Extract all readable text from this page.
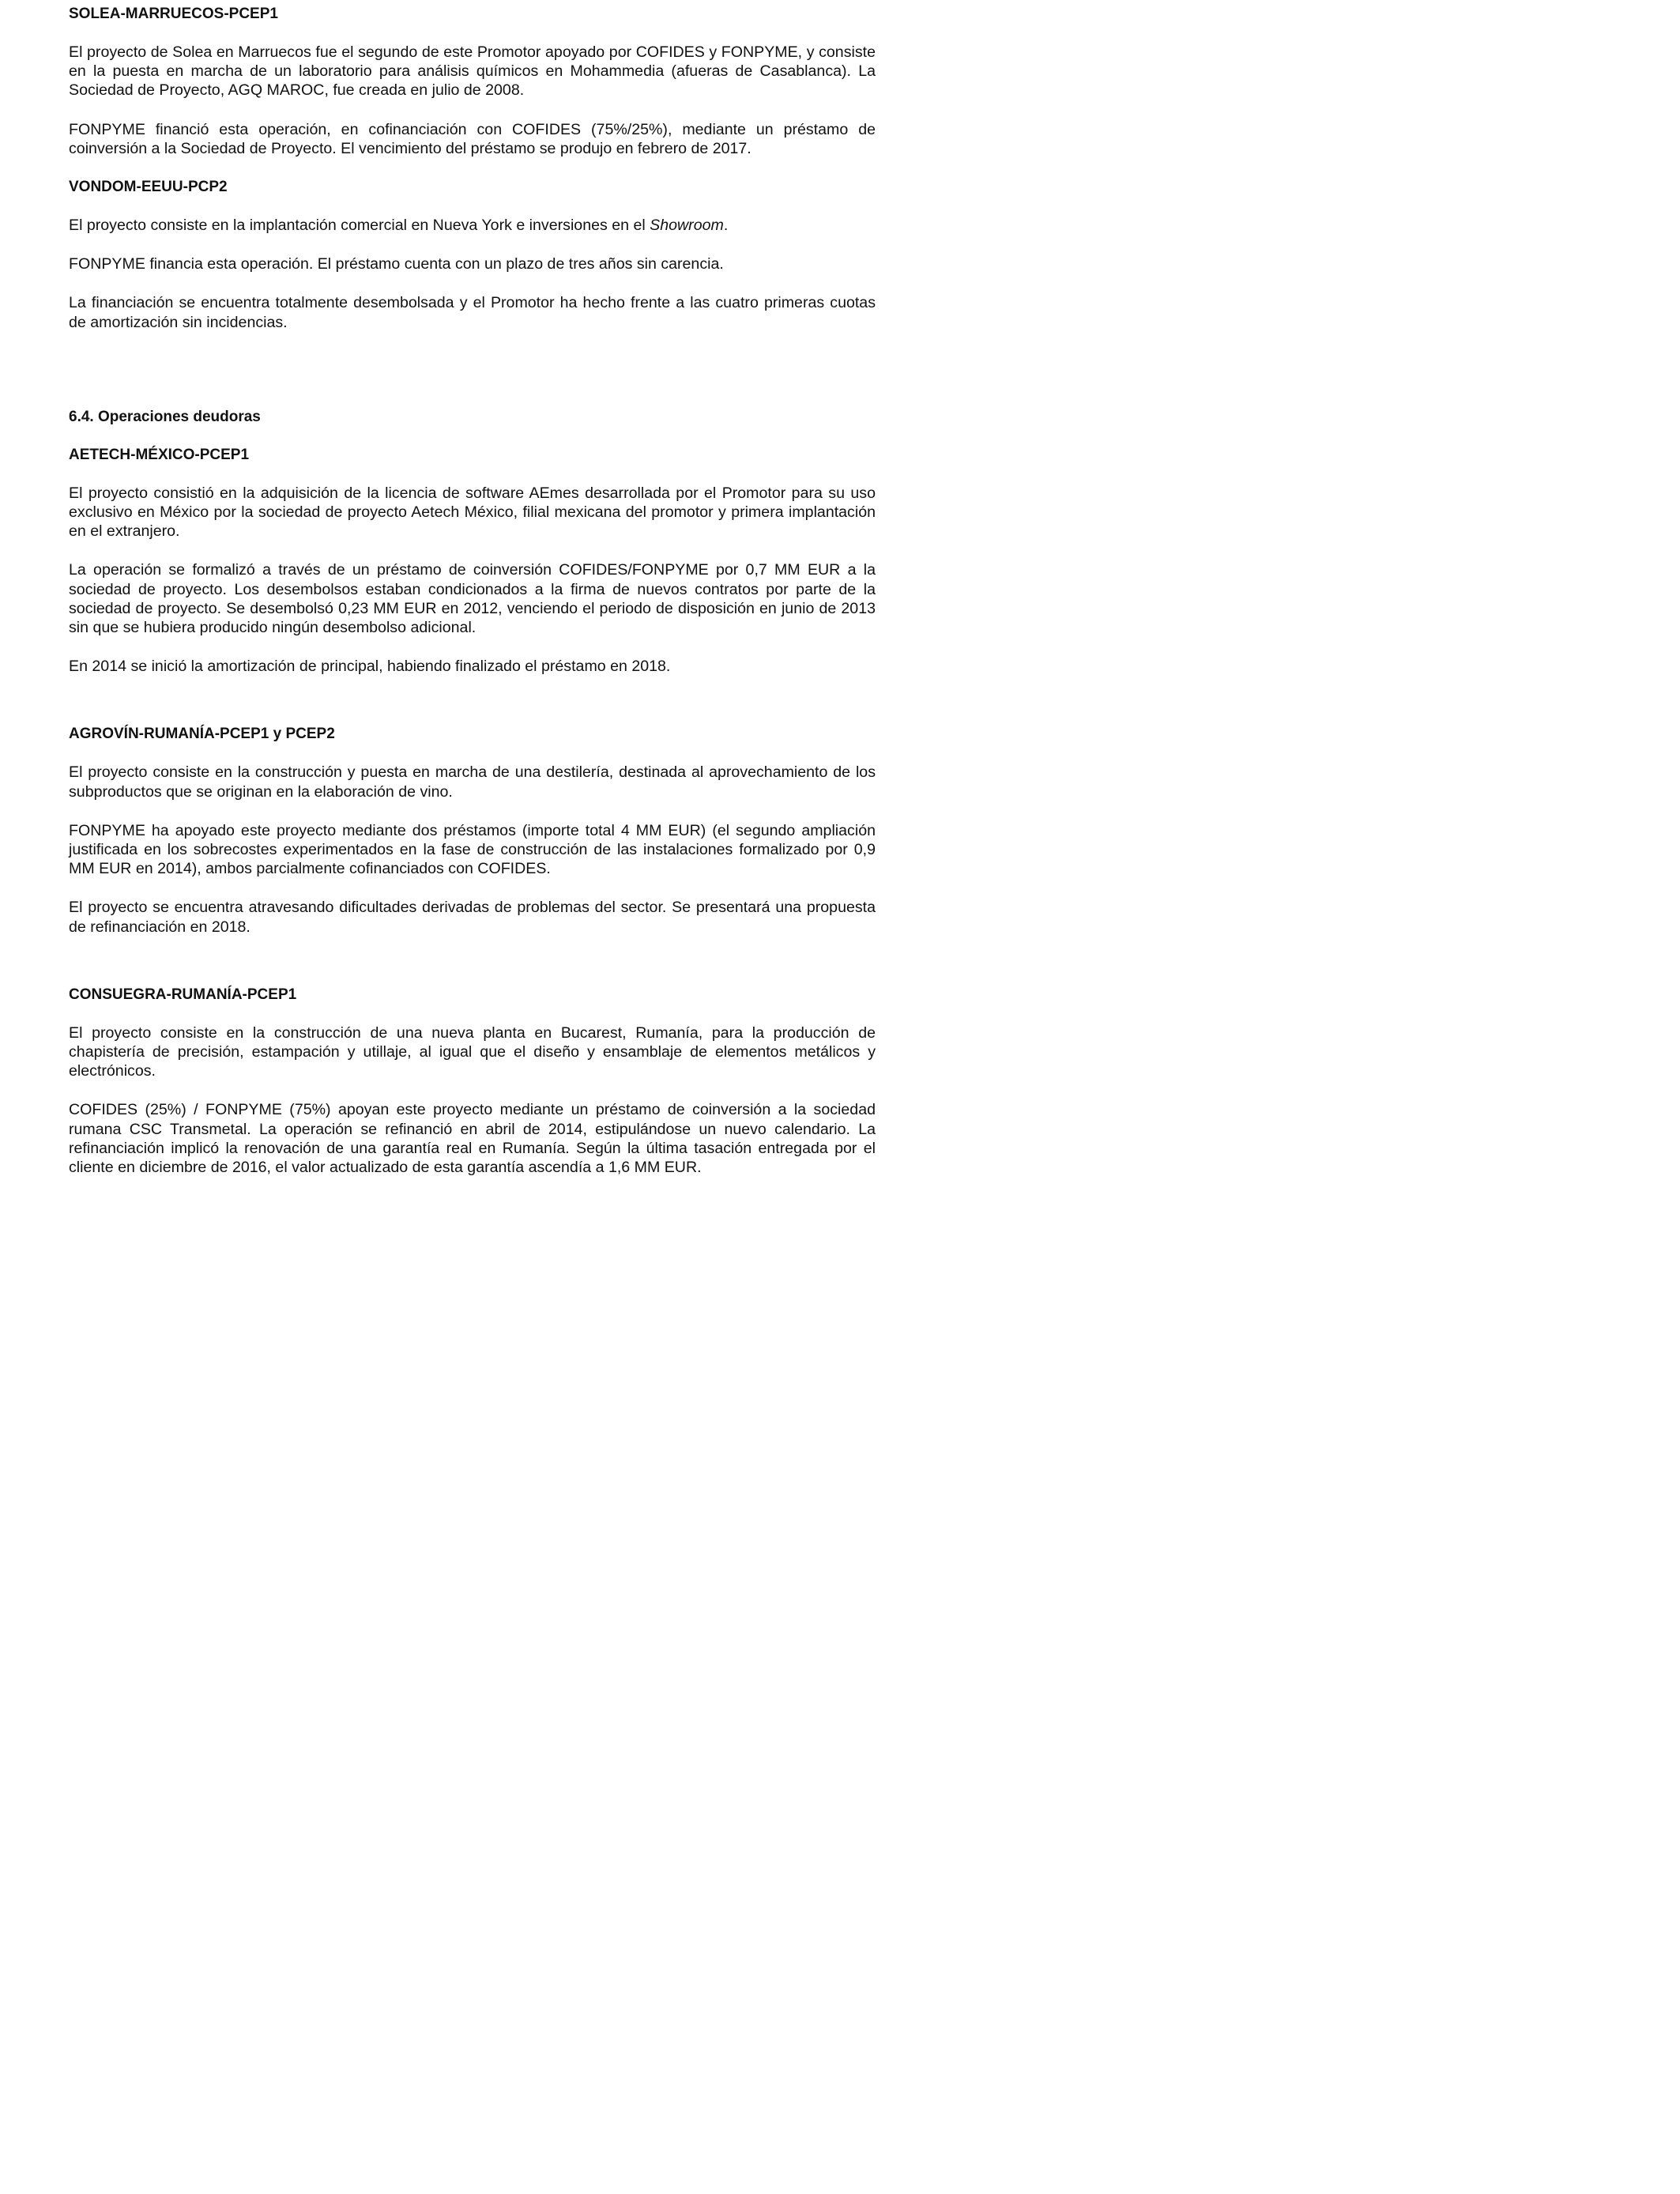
SOLEA-MARRUECOS-PCEP1

El proyecto de Solea en Marruecos fue el segundo de este Promotor apoyado por COFIDES y FONPYME, y consiste en la puesta en marcha de un laboratorio para análisis químicos en Mohammedia (afueras de Casablanca). La Sociedad de Proyecto, AGQ MAROC, fue creada en julio de 2008.

FONPYME financió esta operación, en cofinanciación con COFIDES (75%/25%), mediante un préstamo de coinversión a la Sociedad de Proyecto. El vencimiento del préstamo se produjo en febrero de 2017.

VONDOM-EEUU-PCP2

El proyecto consiste en la implantación comercial en Nueva York e inversiones en el Showroom.

FONPYME financia esta operación. El préstamo cuenta con un plazo de tres años sin carencia.

La financiación se encuentra totalmente desembolsada y el Promotor ha hecho frente a las cuatro primeras cuotas de amortización sin incidencias.

6.4. Operaciones deudoras

AETECH-MÉXICO-PCEP1

El proyecto consistió en la adquisición de la licencia de software AEmes desarrollada por el Promotor para su uso exclusivo en México por la sociedad de proyecto Aetech México, filial mexicana del promotor y primera implantación en el extranjero.

La operación se formalizó a través de un préstamo de coinversión COFIDES/FONPYME por 0,7 MM EUR a la sociedad de proyecto. Los desembolsos estaban condicionados a la firma de nuevos contratos por parte de la sociedad de proyecto. Se desembolsó 0,23 MM EUR en 2012, venciendo el periodo de disposición en junio de 2013 sin que se hubiera producido ningún desembolso adicional.

En 2014 se inició la amortización de principal, habiendo finalizado el préstamo en 2018.

AGROVÍN-RUMANÍA-PCEP1 y PCEP2

El proyecto consiste en la construcción y puesta en marcha de una destilería, destinada al aprovechamiento de los subproductos que se originan en la elaboración de vino.

FONPYME ha apoyado este proyecto mediante dos préstamos (importe total 4 MM EUR) (el segundo ampliación justificada en los sobrecostes experimentados en la fase de construcción de las instalaciones formalizado por 0,9 MM EUR en 2014), ambos parcialmente cofinanciados con COFIDES.

El proyecto se encuentra atravesando dificultades derivadas de problemas del sector. Se presentará una propuesta de refinanciación en 2018.

CONSUEGRA-RUMANÍA-PCEP1

El proyecto consiste en la construcción de una nueva planta en Bucarest, Rumanía, para la producción de chapistería de precisión, estampación y utillaje, al igual que el diseño y ensamblaje de elementos metálicos y electrónicos.

COFIDES (25%) / FONPYME (75%) apoyan este proyecto mediante un préstamo de coinversión a la sociedad rumana CSC Transmetal. La operación se refinanció en abril de 2014, estipulándose un nuevo calendario. La refinanciación implicó la renovación de una garantía real en Rumanía. Según la última tasación entregada por el cliente en diciembre de 2016, el valor actualizado de esta garantía ascendía a 1,6 MM EUR.
